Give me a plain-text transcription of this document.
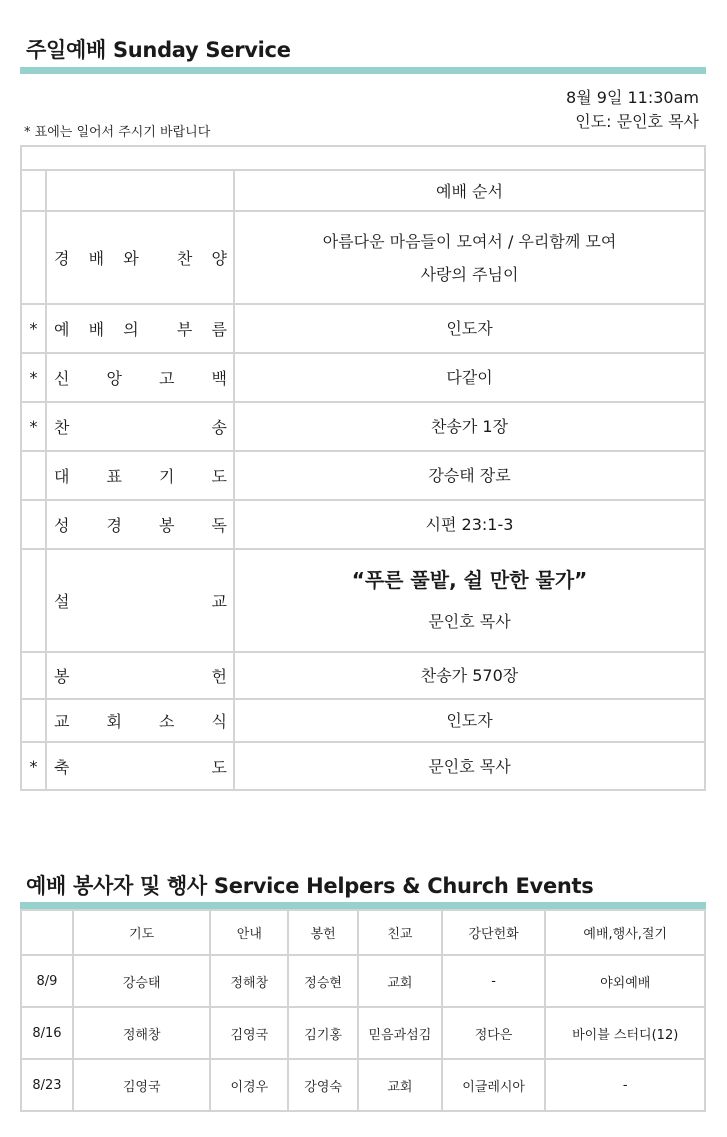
주일예배 Sunday Service
* 표에는 일어서 주시기 바랍니다
8월 9일 11:30am
인도: 문인호 목사

		예배 순서

	경 배 와 찬 양	아름다운 마음들이 모여서 / 우리함께 모여
사랑의 주님이

*	예 배 의 부 름	인도자

*	신 앙 고 백	다같이

*	찬 송	찬송가 1장

	대 표 기 도	강승태 장로

	성 경 봉 독	시편 23:1-3

	설 교	“푸른 풀밭, 쉴 만한 물가”
문인호 목사

	봉 헌	찬송가 570장

	교 회 소 식	인도자

*	축 도	문인호 목사
예배 봉사자 및 행사 Service Helpers & Church Events
	기도	안내	봉헌	친교	강단헌화	예배,행사,절기
8/9	강승태	정해창	정승현	교회	-	야외예배
8/16	정해창	김영국	김기홍	믿음과섬김	정다은	바이블 스터디(12)
8/23	김영국	이경우	강영숙	교회	이글레시아	-
